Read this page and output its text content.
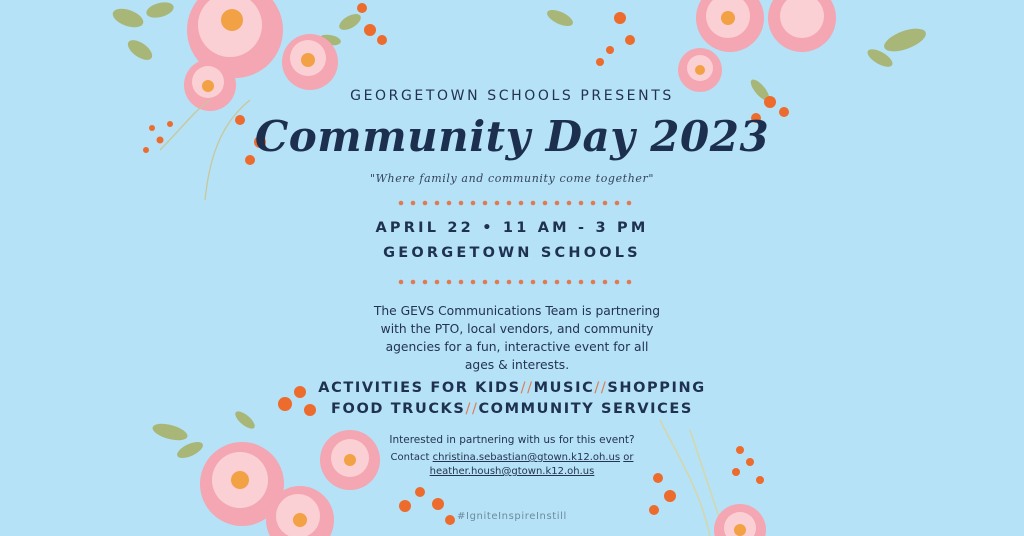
GEORGETOWN SCHOOLS PRESENTS
Community Day 2023
"Where family and community come together"
APRIL 22 • 11 AM - 3 PM
GEORGETOWN SCHOOLS
The GEVS Communications Team is partnering with the PTO, local vendors, and community agencies for a fun, interactive event for all ages & interests.
ACTIVITIES FOR KIDS//MUSIC//SHOPPING
FOOD TRUCKS//COMMUNITY SERVICES
Interested in partnering with us for this event?
Contact christina.sebastian@gtown.k12.oh.us or
heather.housh@gtown.k12.oh.us
#IgniteInspireInstill
